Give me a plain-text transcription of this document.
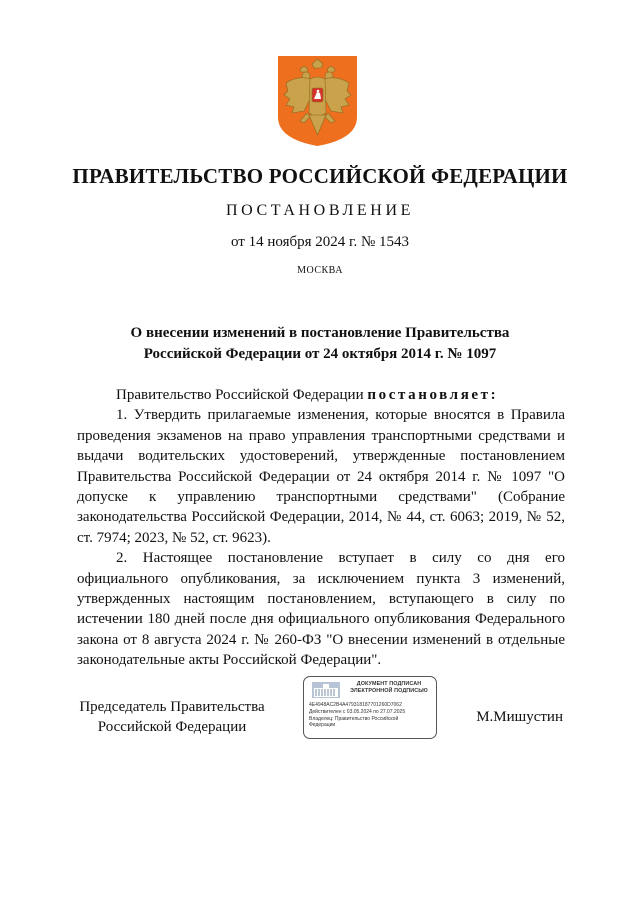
ПРАВИТЕЛЬСТВО РОССИЙСКОЙ ФЕДЕРАЦИИ
ПОСТАНОВЛЕНИЕ
от 14 ноября 2024 г. № 1543
МОСКВА
О внесении изменений в постановление Правительства
Российской Федерации от 24 октября 2014 г. № 1097

Правительство Российской Федерации постановляет:

1. Утвердить прилагаемые изменения, которые вносятся в Правила проведения экзаменов на право управления транспортными средствами и выдачи водительских удостоверений, утвержденные постановлением Правительства Российской Федерации от 24 октября 2014 г. № 1097 "О допуске к управлению транспортными средствами" (Собрание законодательства Российской Федерации, 2014, № 44, ст. 6063; 2019, № 52, ст. 7974; 2023, № 52, ст. 9623).

2. Настоящее постановление вступает в силу со дня его официального опубликования, за исключением пункта 3 изменений, утвержденных настоящим постановлением, вступающего в силу по истечении 180 дней после дня официального опубликования Федерального закона от 8 августа 2024 г. № 260-ФЗ "О внесении изменений в отдельные законодательные акты Российской Федерации".

Председатель Правительства
Российской Федерации
ДОКУМЕНТ ПОДПИСАН
ЭЛЕКТРОННОЙ ПОДПИСЬЮ
4E4948AC2B4A479318187701260D7062
Действителен с 03.05.2024 по 27.07.2025
Владелец: Правительство Российской
Федерации	М.Мишустин
